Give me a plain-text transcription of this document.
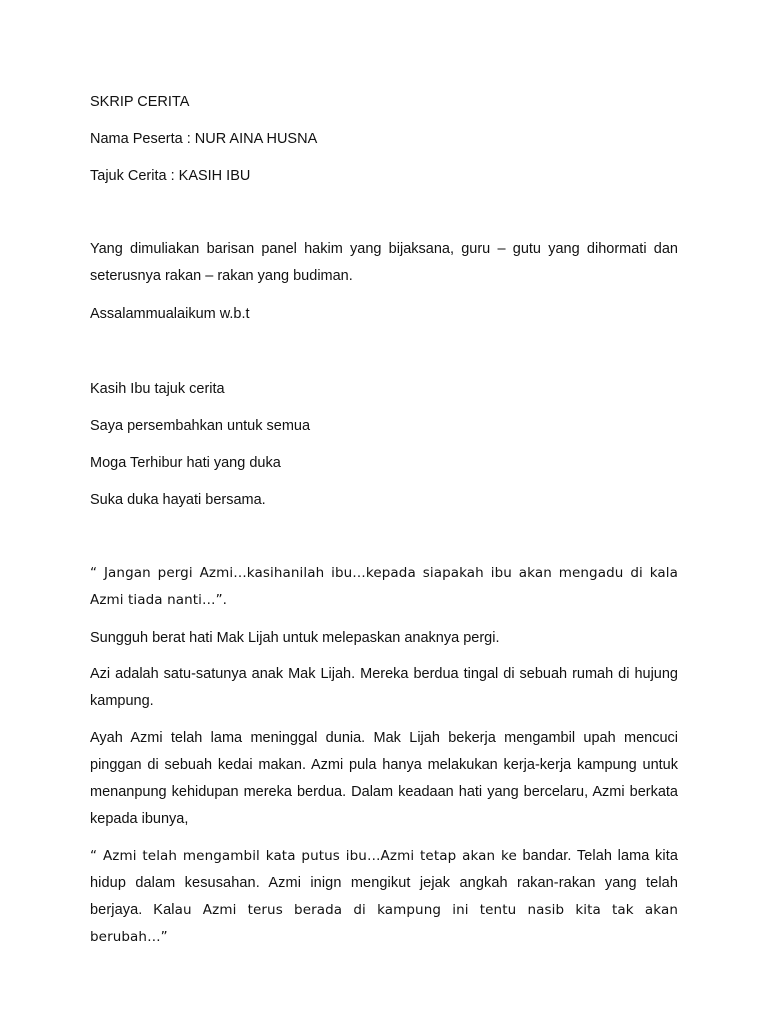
SKRIP CERITA
Nama Peserta : NUR AINA HUSNA
Tajuk Cerita : KASIH IBU
Yang dimuliakan barisan panel hakim yang bijaksana, guru – gutu yang dihormati dan seterusnya rakan – rakan yang budiman.
Assalammualaikum w.b.t
Kasih Ibu tajuk cerita
Saya persembahkan untuk semua
Moga Terhibur hati yang duka
Suka duka hayati bersama.
“ Jangan pergi Azmi…kasihanilah ibu…kepada siapakah ibu akan mengadu di kala Azmi tiada nanti…”.
Sungguh berat hati Mak Lijah untuk melepaskan anaknya pergi.
Azi adalah satu-satunya anak Mak Lijah. Mereka berdua tingal di sebuah rumah di hujung kampung.
Ayah Azmi telah lama meninggal dunia. Mak Lijah bekerja mengambil upah mencuci pinggan di sebuah kedai makan. Azmi pula hanya melakukan kerja-kerja kampung untuk menanpung kehidupan mereka berdua. Dalam keadaan hati yang bercelaru, Azmi berkata kepada ibunya,
“ Azmi telah mengambil kata putus ibu…Azmi tetap akan ke bandar. Telah lama kita hidup dalam kesusahan. Azmi inign mengikut jejak angkah rakan-rakan yang telah berjaya. Kalau Azmi terus berada di kampung ini tentu nasib kita tak akan berubah…”
